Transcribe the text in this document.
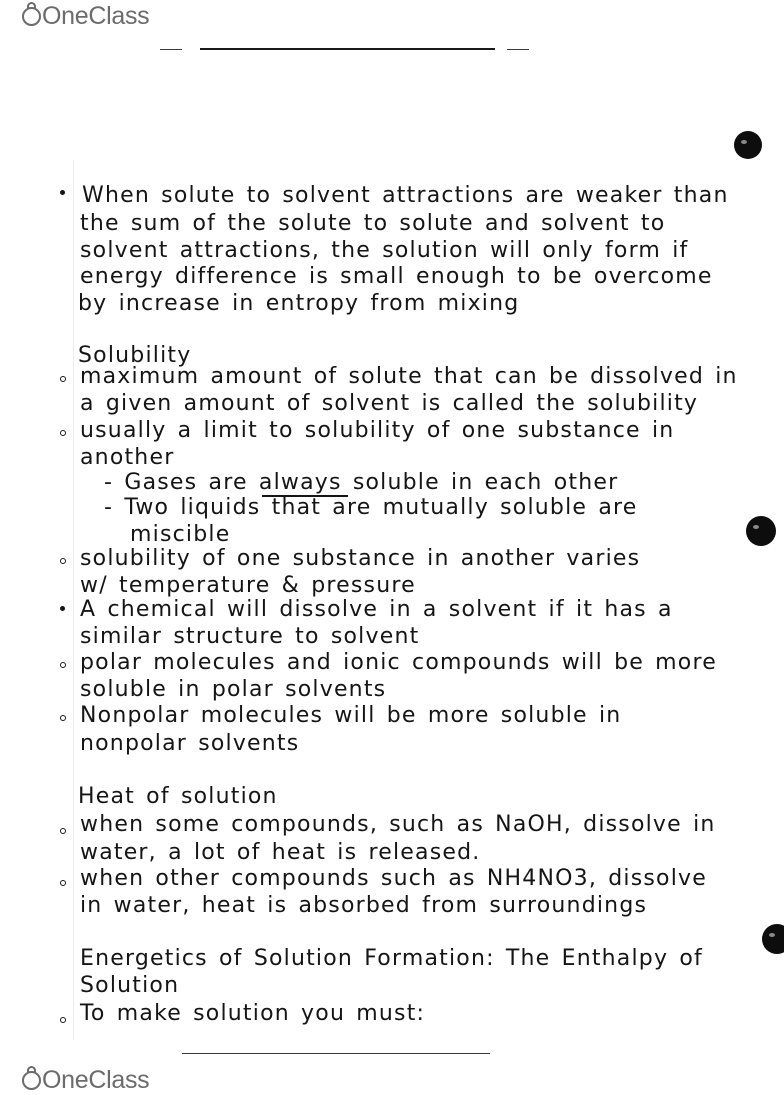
OneClass
When solute to solvent attractions are weaker than
the sum of the solute to solute and solvent to
solvent attractions, the solution will only form if
energy difference is small enough to be overcome
by increase in entropy from mixing
Solubility
maximum amount of solute that can be dissolved in
a given amount of solvent is called the solubility
usually a limit to solubility of one substance in
another
- Gases are always soluble in each other
- Two liquids that are mutually soluble are
miscible
solubility of one substance in another varies
w/ temperature & pressure
A chemical will dissolve in a solvent if it has a
similar structure to solvent
polar molecules and ionic compounds will be more
soluble in polar solvents
Nonpolar molecules will be more soluble in
nonpolar solvents
Heat of solution
when some compounds, such as NaOH, dissolve in
water, a lot of heat is released.
when other compounds such as NH4NO3, dissolve
in water, heat is absorbed from surroundings
Energetics of Solution Formation: The Enthalpy of
Solution
To make solution you must:
OneClass
